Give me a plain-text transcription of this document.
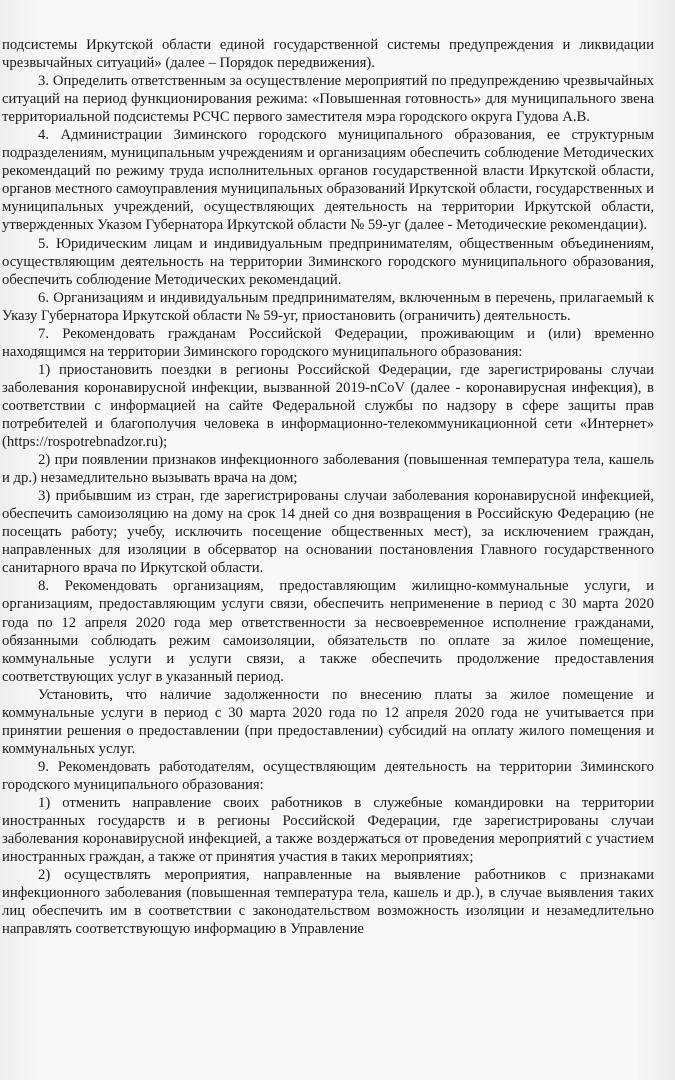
подсистемы Иркутской области единой государственной системы предупреждения и ликвидации чрезвычайных ситуаций» (далее – Порядок передвижения).

3. Определить ответственным за осуществление мероприятий по предупреждению чрезвычайных ситуаций на период функционирования режима: «Повышенная готовность» для муниципального звена территориальной подсистемы РСЧС первого заместителя мэра городского округа Гудова А.В.

4. Администрации Зиминского городского муниципального образования, ее структурным подразделениям, муниципальным учреждениям и организациям обеспечить соблюдение Методических рекомендаций по режиму труда исполнительных органов государственной власти Иркутской области, органов местного самоуправления муниципальных образований Иркутской области, государственных и муниципальных учреждений, осуществляющих деятельность на территории Иркутской области, утвержденных Указом Губернатора Иркутской области № 59-уг (далее - Методические рекомендации).

5. Юридическим лицам и индивидуальным предпринимателям, общественным объединениям, осуществляющим деятельность на территории Зиминского городского муниципального образования, обеспечить соблюдение Методических рекомендаций.

6. Организациям и индивидуальным предпринимателям, включенным в перечень, прилагаемый к Указу Губернатора Иркутской области № 59-уг, приостановить (ограничить) деятельность.

7. Рекомендовать гражданам Российской Федерации, проживающим и (или) временно находящимся на территории Зиминского городского муниципального образования:

1) приостановить поездки в регионы Российской Федерации, где зарегистрированы случаи заболевания коронавирусной инфекции, вызванной 2019-nCoV (далее - коронавирусная инфекция), в соответствии с информацией на сайте Федеральной службы по надзору в сфере защиты прав потребителей и благополучия человека в информационно-телекоммуникационной сети «Интернет» (https://rospotrebnadzor.ru);

2) при появлении признаков инфекционного заболевания (повышенная температура тела, кашель и др.) незамедлительно вызывать врача на дом;

3) прибывшим из стран, где зарегистрированы случаи заболевания коронавирусной инфекцией, обеспечить самоизоляцию на дому на срок 14 дней со дня возвращения в Российскую Федерацию (не посещать работу; учебу, исключить посещение общественных мест), за исключением граждан, направленных для изоляции в обсерватор на основании постановления Главного государственного санитарного врача по Иркутской области.

8. Рекомендовать организациям, предоставляющим жилищно-коммунальные услуги, и организациям, предоставляющим услуги связи, обеспечить неприменение в период с 30 марта 2020 года по 12 апреля 2020 года мер ответственности за несвоевременное исполнение гражданами, обязанными соблюдать режим самоизоляции, обязательств по оплате за жилое помещение, коммунальные услуги и услуги связи, а также обеспечить продолжение предоставления соответствующих услуг в указанный период.

Установить, что наличие задолженности по внесению платы за жилое помещение и коммунальные услуги в период с 30 марта 2020 года по 12 апреля 2020 года не учитывается при принятии решения о предоставлении (при предоставлении) субсидий на оплату жилого помещения и коммунальных услуг.

9. Рекомендовать работодателям, осуществляющим деятельность на территории Зиминского городского муниципального образования:

1) отменить направление своих работников в служебные командировки на территории иностранных государств и в регионы Российской Федерации, где зарегистрированы случаи заболевания коронавирусной инфекцией, а также воздержаться от проведения мероприятий с участием иностранных граждан, а также от принятия участия в таких мероприятиях;

2) осуществлять мероприятия, направленные на выявление работников с признаками инфекционного заболевания (повышенная температура тела, кашель и др.), в случае выявления таких лиц обеспечить им в соответствии с законодательством возможность изоляции и незамедлительно направлять соответствующую информацию в Управление
